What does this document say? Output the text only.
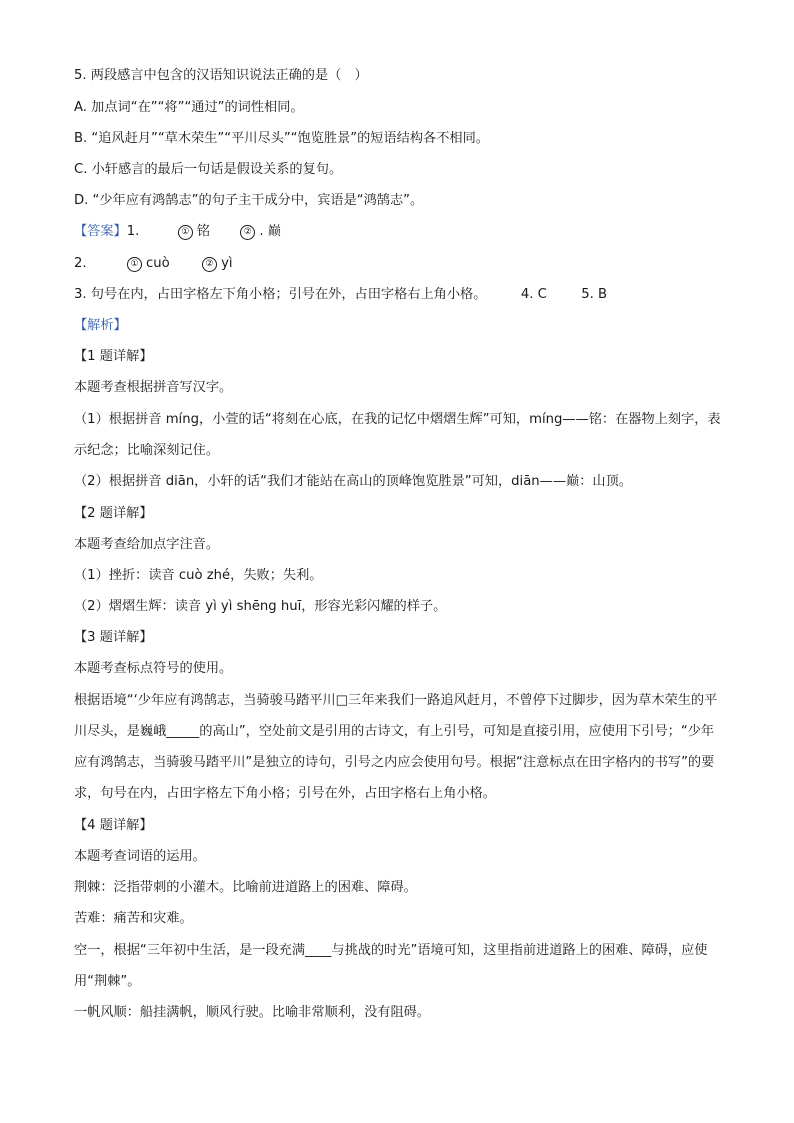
5. 两段感言中包含的汉语知识说法正确的是（　）
A. 加点词“在”“将”“通过”的词性相同。
B. “追风赶月”“草木荣生”“平川尽头”“饱览胜景”的短语结构各不相同。
C. 小轩感言的最后一句话是假设关系的复句。
D. “少年应有鸿鹄志”的句子主干成分中，宾语是“鸿鹄志”。
【答案】1.	① 铭	② . 巅
2.	① cuò	② yì
3. 句号在内，占田字格左下角小格；引号在外，占田字格右上角小格。	4. C	5. B
【解析】
【1 题详解】
本题考查根据拼音写汉字。
（1）根据拼音 míng，小萱的话“将刻在心底，在我的记忆中熠熠生辉”可知，míng——铭：在器物上刻字，表示纪念；比喻深刻记住。
（2）根据拼音 diān，小轩的话“我们才能站在高山的顶峰饱览胜景”可知，diān——巅：山顶。
【2 题详解】
本题考查给加点字注音。
（1）挫折：读音 cuò zhé，失败；失利。
（2）熠熠生辉：读音 yì yì shēng huī，形容光彩闪耀的样子。
【3 题详解】
本题考查标点符号的使用。
根据语境“‘少年应有鸿鹄志，当骑骏马踏平川□三年来我们一路追风赶月，不曾停下过脚步，因为草木荣生的平川尽头，是巍峨_____的高山”，空处前文是引用的古诗文，有上引号，可知是直接引用，应使用下引号；“少年应有鸿鹄志，当骑骏马踏平川”是独立的诗句，引号之内应会使用句号。根据“注意标点在田字格内的书写”的要求，句号在内，占田字格左下角小格；引号在外，占田字格右上角小格。
【4 题详解】
本题考查词语的运用。
荆棘：泛指带刺的小灌木。比喻前进道路上的困难、障碍。
苦难：痛苦和灾难。
空一，根据“三年初中生活，是一段充满____与挑战的时光”语境可知，这里指前进道路上的困难、障碍，应使用“荆棘”。
一帆风顺：船挂满帆，顺风行驶。比喻非常顺利，没有阻碍。
